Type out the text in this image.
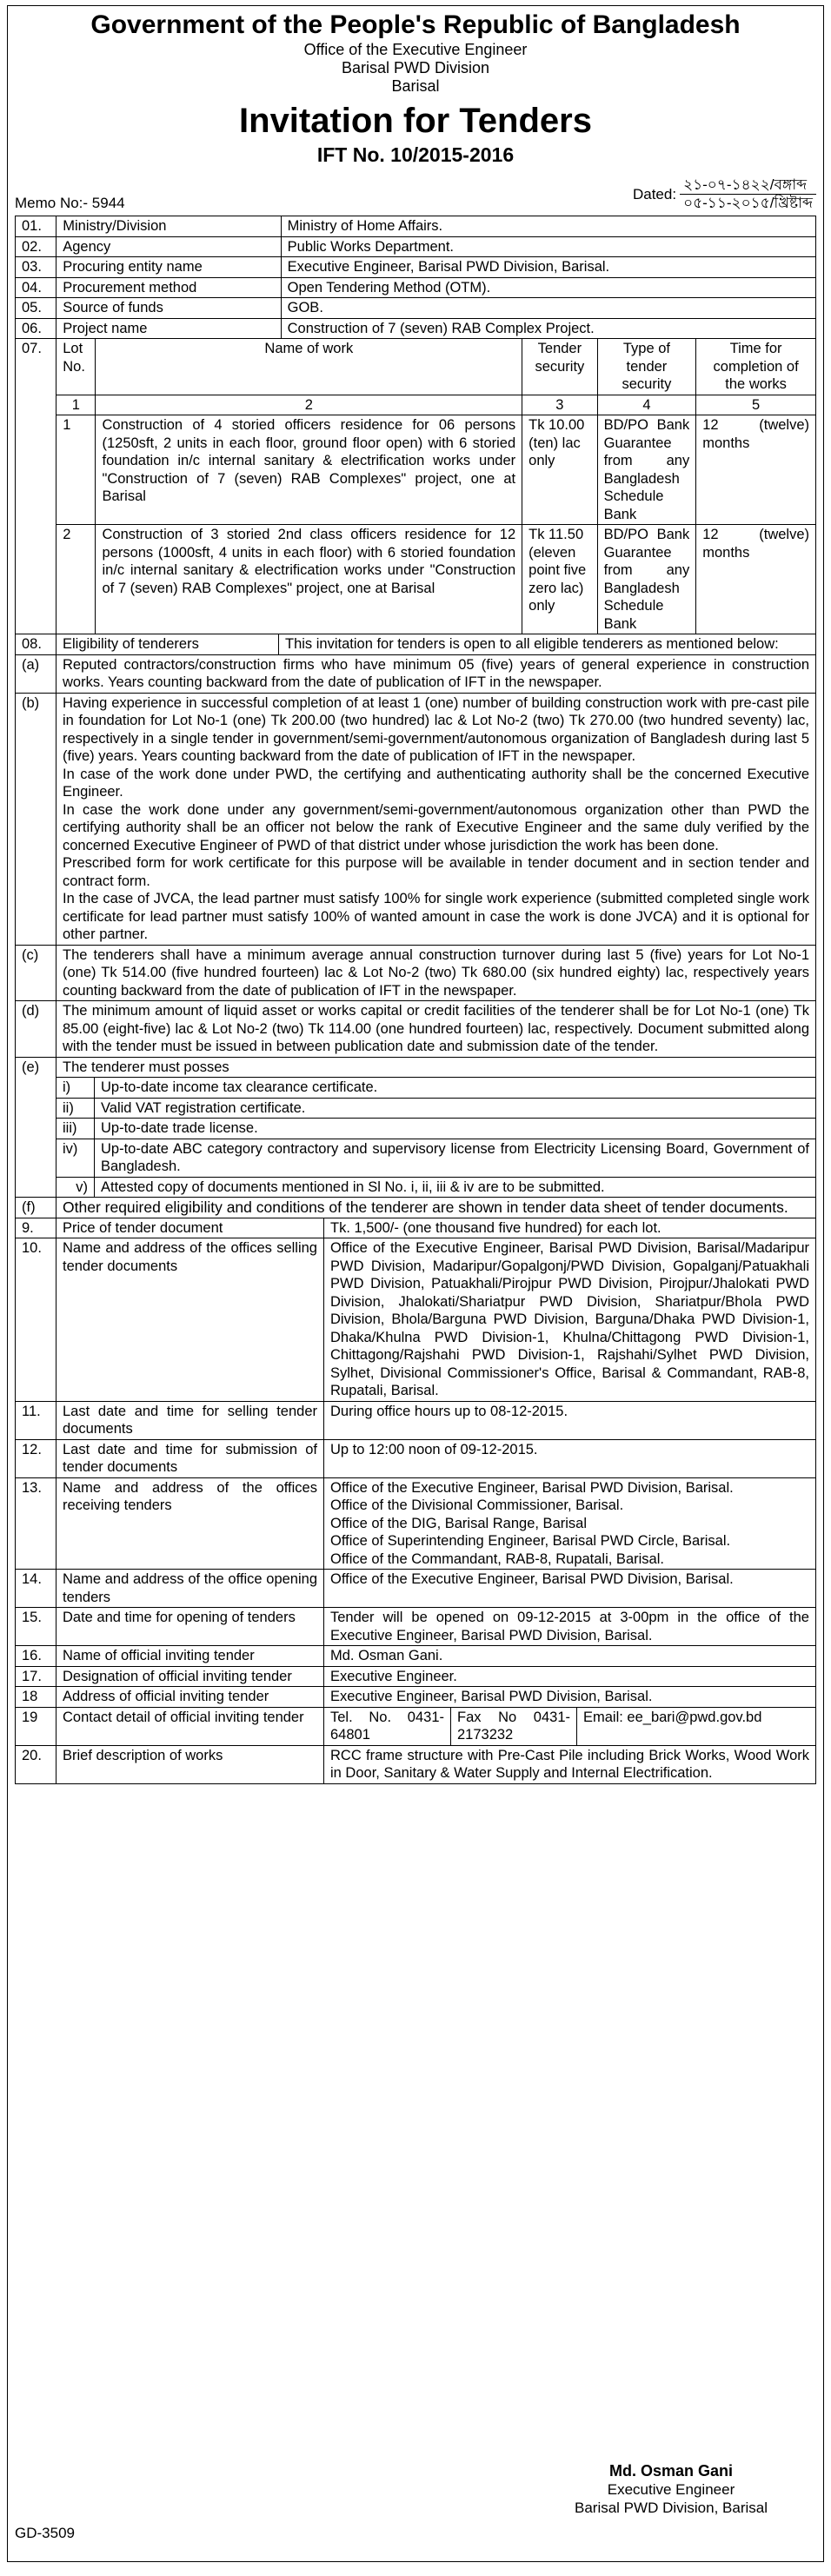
Government of the People's Republic of Bangladesh
Office of the Executive Engineer
Barisal PWD Division
Barisal
Invitation for Tenders
IFT No. 10/2015-2016
Memo No:- 5944
Dated:
২১-০৭-১৪২২/বঙ্গাব্দ
০৫-১১-২০১৫/খ্রিষ্টাব্দ
01.	Ministry/Division		Ministry of Home Affairs.			
02.	Agency		Public Works Department.			
03.	Procuring entity name		Executive Engineer, Barisal PWD Division, Barisal.			
04.	Procurement method		Open Tendering Method (OTM).			
05.	Source of funds		GOB.			
06.	Project name		Construction of 7 (seven) RAB Complex Project.			
07.	Lot No.	Name of work		Tender security	Type of tender security	Time for completion of the works
	1	2		3	4	5
	1	Construction of 4 storied officers residence for 06 persons (1250sft, 2 units in each floor, ground floor open) with 6 storied foundation in/c internal sanitary & electrification works under "Construction of 7 (seven) RAB Complexes" project, one at Barisal		Tk 10.00 (ten) lac only	BD/PO Bank Guarantee from any Bangladesh Schedule Bank	12 (twelve) months
	2	Construction of 3 storied 2nd class officers residence for 12 persons (1000sft, 4 units in each floor) with 6 storied foundation in/c internal sanitary & electrification works under "Construction of 7 (seven) RAB Complexes" project, one at Barisal		Tk 11.50 (eleven point five zero lac) only	BD/PO Bank Guarantee from any Bangladesh Schedule Bank	12 (twelve) months
08.	Eligibility of tenderers		This invitation for tenders is open to all eligible tenderers as mentioned below:
(a)	Reputed contractors/construction firms who have minimum 05 (five) years of general experience in construction works. Years counting backward from the date of publication of IFT in the newspaper.		
(b)	Having experience in successful completion of at least 1 (one) number of building construction work with pre-cast pile in foundation for Lot No-1 (one) Tk 200.00 (two hundred) lac & Lot No-2 (two) Tk 270.00 (two hundred seventy) lac, respectively in a single tender in government/semi-government/autonomous organization of Bangladesh during last 5 (five) years. Years counting backward from the date of publication of IFT in the newspaper.

In case of the work done under PWD, the certifying and authenticating authority shall be the concerned Executive Engineer.

In case the work done under any government/semi-government/autonomous organization other than PWD the certifying authority shall be an officer not below the rank of Executive Engineer and the same duly verified by the concerned Executive Engineer of PWD of that district under whose jurisdiction the work has been done.

Prescribed form for work certificate for this purpose will be available in tender document and in section tender and contract form.

In the case of JVCA, the lead partner must satisfy 100% for single work experience (submitted completed single work certificate for lead partner must satisfy 100% of wanted amount in case the work is done JVCA) and it is optional for other partner.		

(c)	The tenderers shall have a minimum average annual construction turnover during last 5 (five) years for Lot No-1 (one) Tk 514.00 (five hundred fourteen) lac & Lot No-2 (two) Tk 680.00 (six hundred eighty) lac, respectively years counting backward from the date of publication of IFT in the newspaper.		
(d)	The minimum amount of liquid asset or works capital or credit facilities of the tenderer shall be for Lot No-1 (one) Tk 85.00 (eight-five) lac & Lot No-2 (two) Tk 114.00 (one hundred fourteen) lac, respectively. Document submitted along with the tender must be issued in between publication date and submission date of the tender.		
(e)	The tenderer must posses		
	i)	Up-to-date income tax clearance certificate.	
	ii)	Valid VAT registration certificate.	
	iii)	Up-to-date trade license.	
	iv)	Up-to-date ABC category contractory and supervisory license from Electricity Licensing Board, Government of Bangladesh.	
	v)	Attested copy of documents mentioned in Sl No. i, ii, iii & iv are to be submitted.	
(f)	Other required eligibility and conditions of the tenderer are shown in tender data sheet of tender documents.		
9.	Price of tender document	Tk. 1,500/- (one thousand five hundred) for each lot.		
10.	Name and address of the offices selling tender documents	Office of the Executive Engineer, Barisal PWD Division, Barisal/Madaripur PWD Division, Madaripur/Gopalgonj/PWD Division, Gopalganj/Patuakhali PWD Division, Patuakhali/Pirojpur PWD Division, Pirojpur/Jhalokati PWD Division, Jhalokati/Shariatpur PWD Division, Shariatpur/Bhola PWD Division, Bhola/Barguna PWD Division, Barguna/Dhaka PWD Division-1, Dhaka/Khulna PWD Division-1, Khulna/Chittagong PWD Division-1, Chittagong/Rajshahi PWD Division-1, Rajshahi/Sylhet PWD Division, Sylhet, Divisional Commissioner's Office, Barisal & Commandant, RAB-8, Rupatali, Barisal.		
11.	Last date and time for selling tender documents	During office hours up to 08-12-2015.		
12.	Last date and time for submission of tender documents	Up to 12:00 noon of 09-12-2015.		
13.	Name and address of the offices receiving tenders	Office of the Executive Engineer, Barisal PWD Division, Barisal.
Office of the Divisional Commissioner, Barisal.
Office of the DIG, Barisal Range, Barisal
Office of Superintending Engineer, Barisal PWD Circle, Barisal.
Office of the Commandant, RAB-8, Rupatali, Barisal.		

14.	Name and address of the office opening tenders	Office of the Executive Engineer, Barisal PWD Division, Barisal.		
15.	Date and time for opening of tenders	Tender will be opened on 09-12-2015 at 3-00pm in the office of the Executive Engineer, Barisal PWD Division, Barisal.		
16.	Name of official inviting tender	Md. Osman Gani.		
17.	Designation of official inviting tender	Executive Engineer.		
18	Address of official inviting tender	Executive Engineer, Barisal PWD Division, Barisal.		
19	Contact detail of official inviting tender	Tel. No. 0431-64801	Fax No 0431-2173232	Email: ee_bari@pwd.gov.bd
20.	Brief description of works	RCC frame structure with Pre-Cast Pile including Brick Works, Wood Work in Door, Sanitary & Water Supply and Internal Electrification.		
Md. Osman Gani
Executive Engineer
Barisal PWD Division, Barisal
GD-3509
